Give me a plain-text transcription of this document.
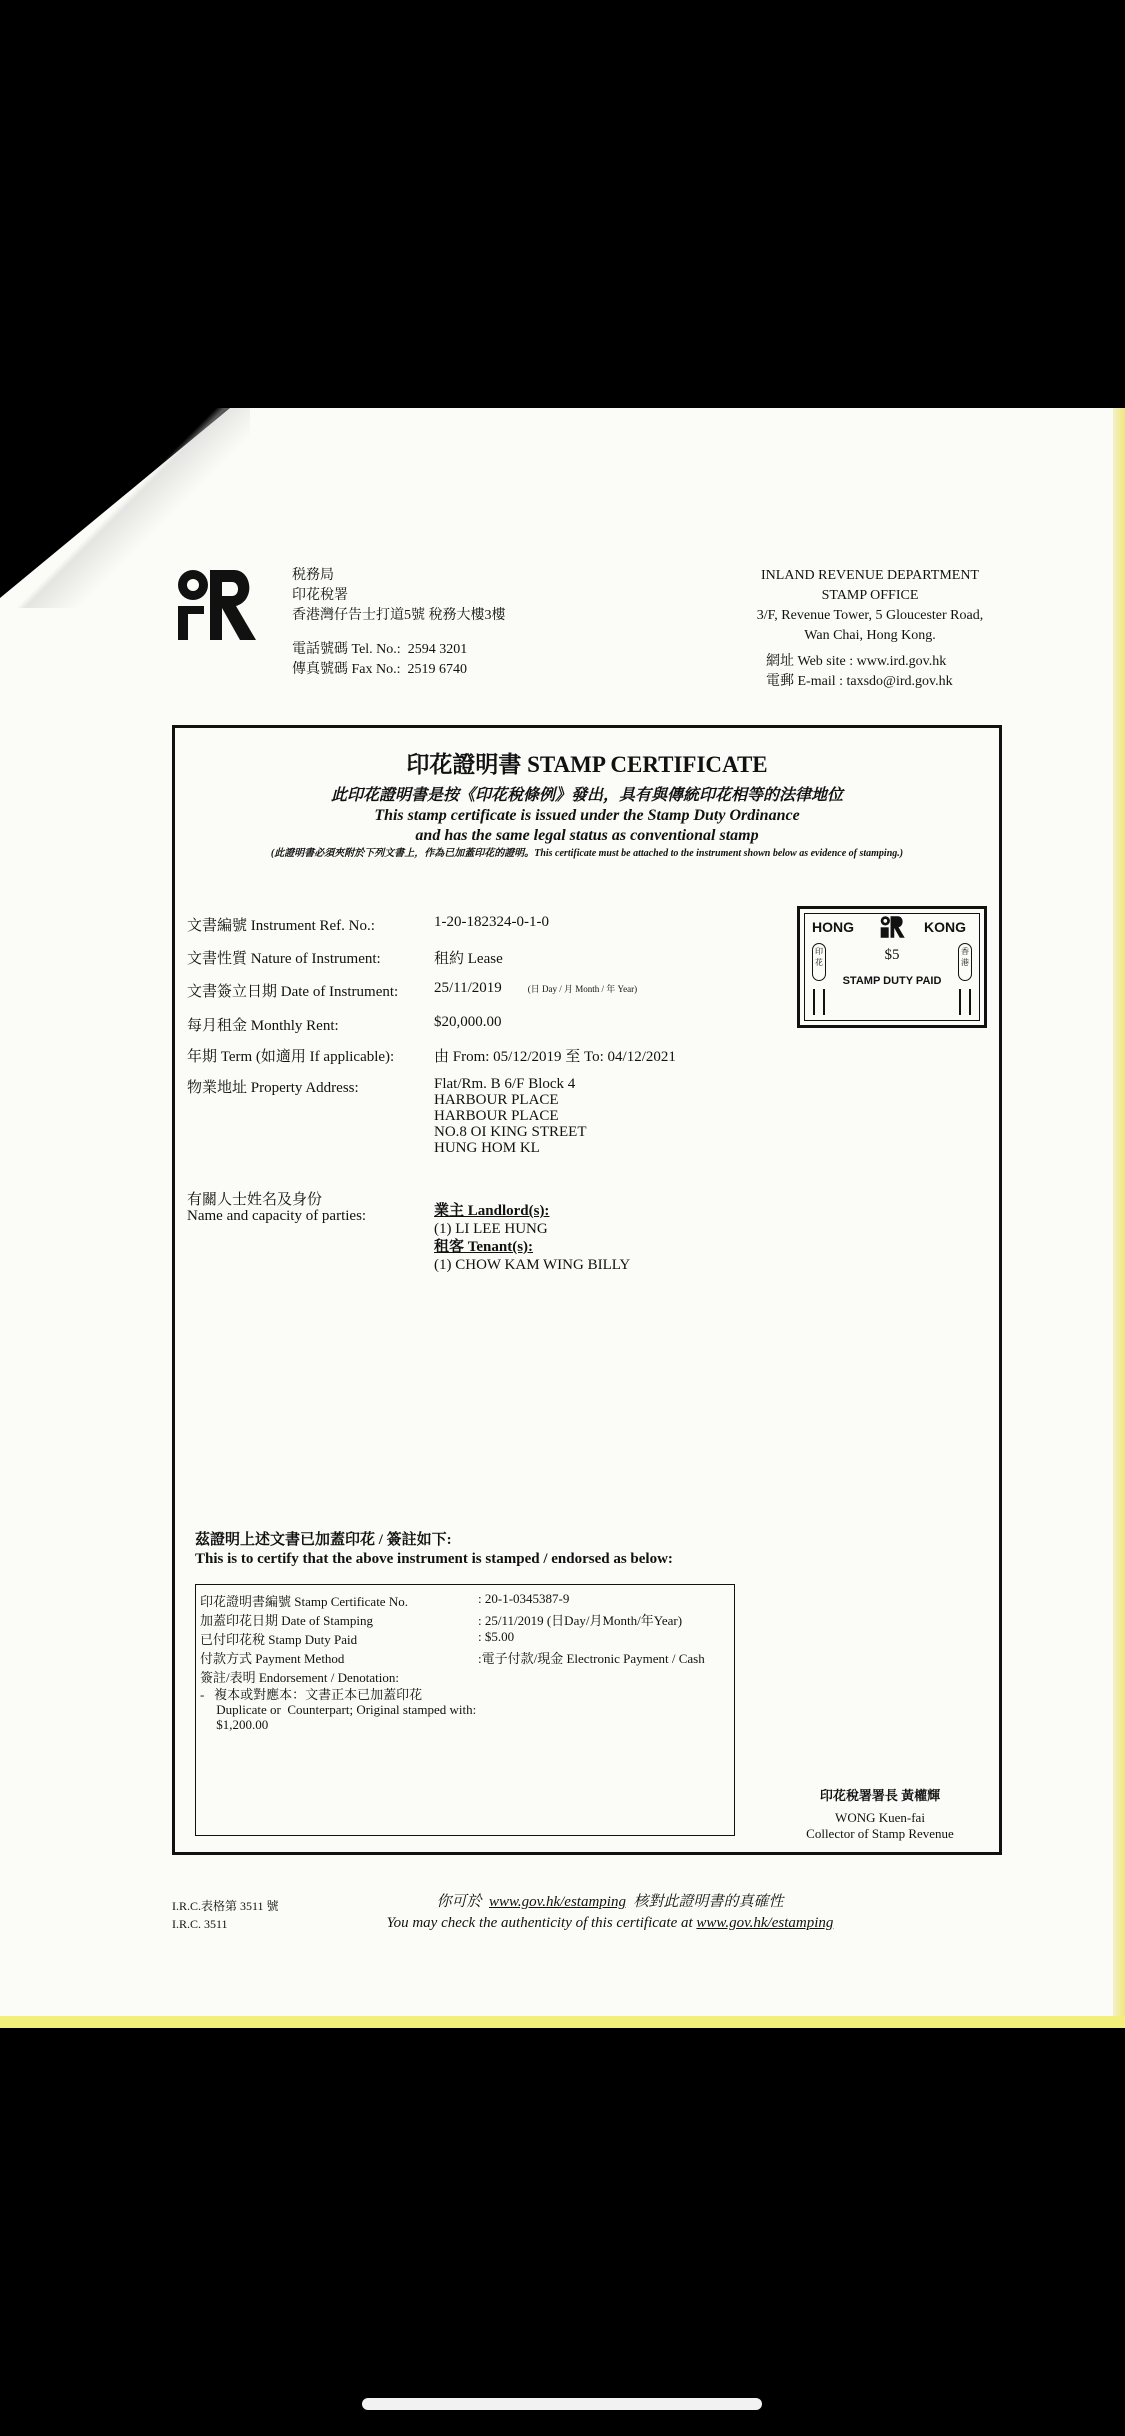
税務局
印花稅署
香港灣仔告士打道5號 稅務大樓3樓
電話號碼 Tel. No.: 2594 3201
傳真號碼 Fax No.: 2519 6740
INLAND REVENUE DEPARTMENT
STAMP OFFICE
3/F, Revenue Tower, 5 Gloucester Road,
Wan Chai, Hong Kong.
網址 Web site : www.ird.gov.hk
電郵 E-mail : taxsdo@ird.gov.hk
印花證明書 STAMP CERTIFICATE
此印花證明書是按《印花稅條例》發出，具有與傳統印花相等的法律地位
This stamp certificate is issued under the Stamp Duty Ordinance
and has the same legal status as conventional stamp
(此證明書必須夾附於下列文書上，作為已加蓋印花的證明。This certificate must be attached to the instrument shown below as evidence of stamping.)
文書編號 Instrument Ref. No.:	1-20-182324-0-1-0
文書性質 Nature of Instrument:	租約 Lease
文書簽立日期 Date of Instrument:	25/11/2019	(日 Day / 月 Month / 年 Year)
每月租金 Monthly Rent:	$20,000.00
年期 Term (如適用 If applicable):	由 From: 05/12/2019 至 To: 04/12/2021
物業地址 Property Address:	Flat/Rm. B 6/F Block 4
HARBOUR PLACE
HARBOUR PLACE
NO.8 OI KING STREET
HUNG HOM KL
有關人士姓名及身份
Name and capacity of parties:	業主 Landlord(s):
(1) LI LEE HUNG
租客 Tenant(s):
(1) CHOW KAM WING BILLY
HONG	KONG
印花
香港
$5
STAMP DUTY PAID
茲證明上述文書已加蓋印花 / 簽註如下:
This is to certify that the above instrument is stamped / endorsed as below:
印花證明書編號 Stamp Certificate No.	: 20-1-0345387-9
加蓋印花日期 Date of Stamping	: 25/11/2019 (日Day/月Month/年Year)
已付印花稅 Stamp Duty Paid	: $5.00
付款方式 Payment Method	:電子付款/現金 Electronic Payment / Cash
簽註/表明 Endorsement / Denotation:
-   複本或對應本：文書正本已加蓋印花
Duplicate or  Counterpart; Original stamped with:
$1,200.00
印花稅署署長 黃權輝
WONG Kuen-fai
Collector of Stamp Revenue
I.R.C.表格第 3511 號
I.R.C. 3511
你可於 www.gov.hk/estamping 核對此證明書的真確性
You may check the authenticity of this certificate at www.gov.hk/estamping
